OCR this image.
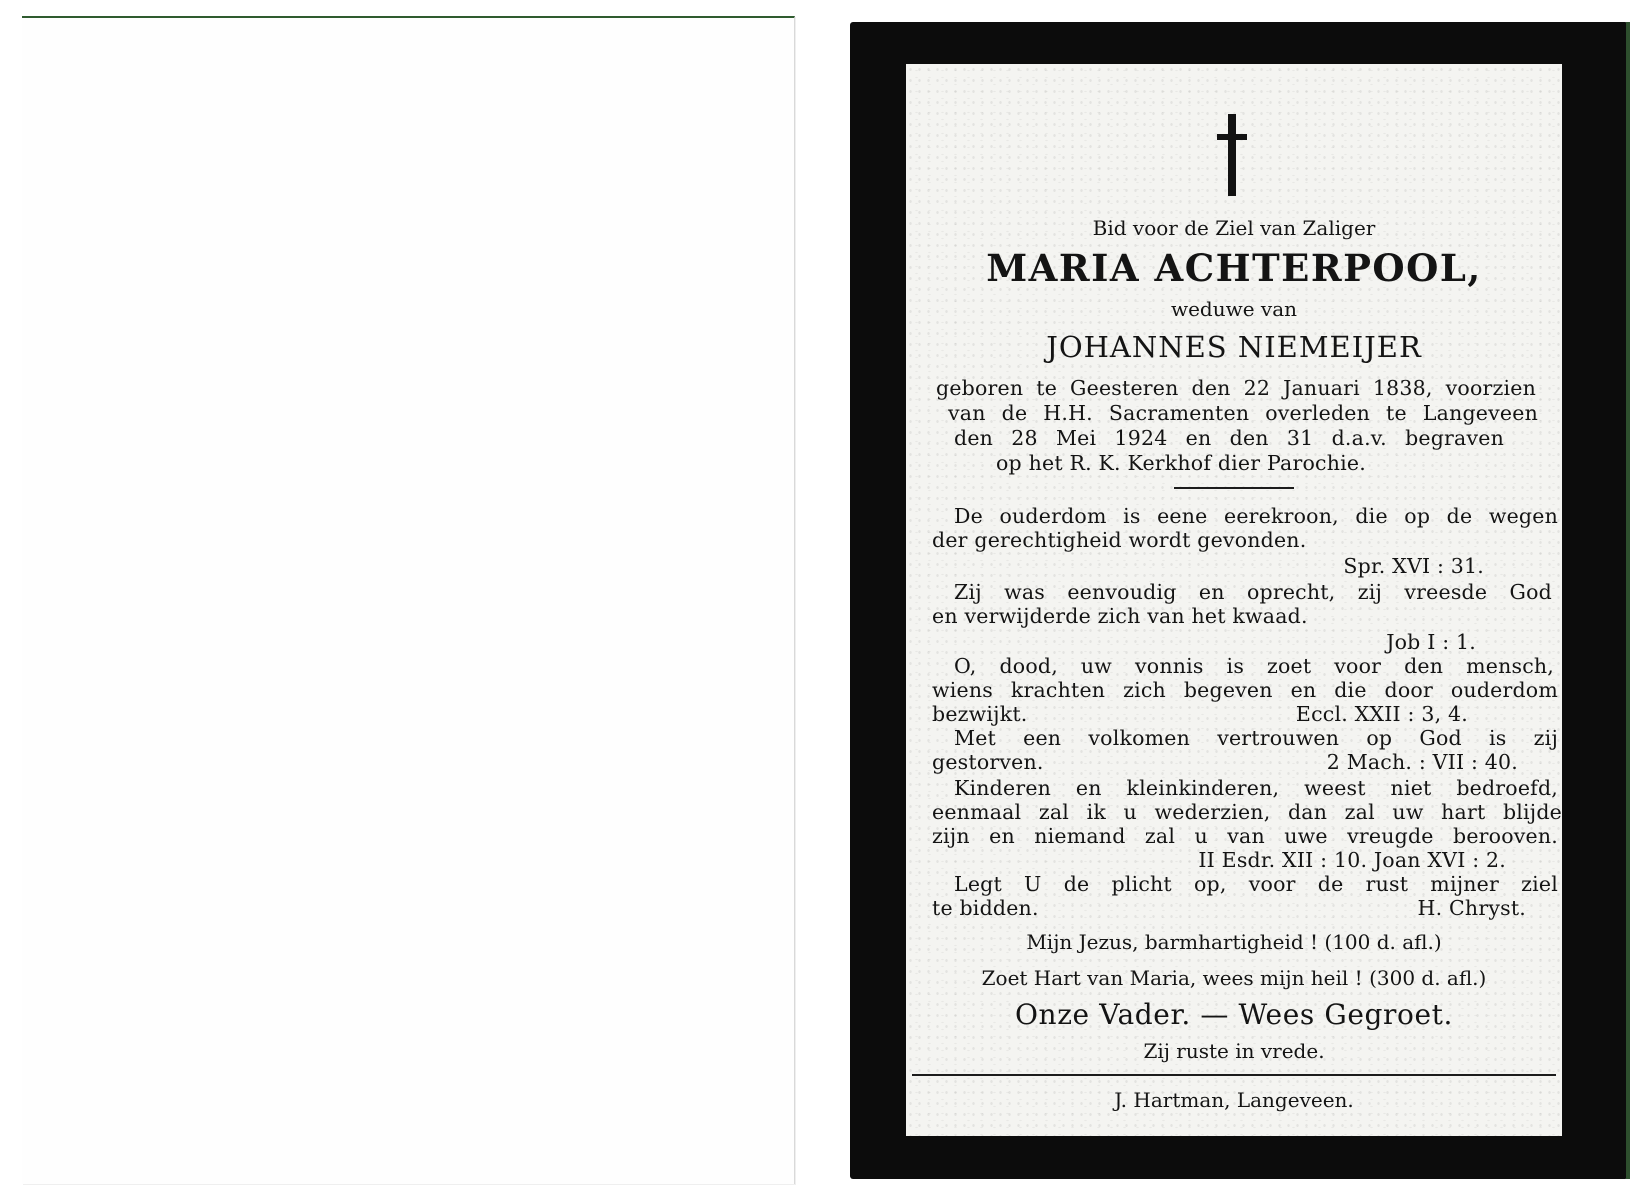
Bid voor de Ziel van Zaliger
MARIA ACHTERPOOL,
weduwe van
JOHANNES NIEMEIJER
geboren te Geesteren den 22 Januari 1838, voorzien
van de H.H. Sacramenten overleden te Langeveen
den 28 Mei 1924 en den 31 d.a.v. begraven
op het R. K. Kerkhof dier Parochie.
De ouderdom is eene eerekroon, die op de wegen
der gerechtigheid wordt gevonden.
Spr. XVI : 31.
Zij was eenvoudig en oprecht, zij vreesde God
en verwijderde zich van het kwaad.
Job I : 1.
O, dood, uw vonnis is zoet voor den mensch,
wiens krachten zich begeven en die door ouderdom
bezwijkt.	Eccl. XXII : 3, 4.
Met een volkomen vertrouwen op God is zij
gestorven.	2 Mach. : VII : 40.
Kinderen en kleinkinderen, weest niet bedroefd,
eenmaal zal ik u wederzien, dan zal uw hart blijde
zijn en niemand zal u van uwe vreugde berooven.
II Esdr. XII : 10. Joan XVI : 2.
Legt U de plicht op, voor de rust mijner ziel
te bidden.	H. Chryst.
Mijn Jezus, barmhartigheid ! (100 d. afl.)
Zoet Hart van Maria, wees mijn heil ! (300 d. afl.)
Onze Vader. — Wees Gegroet.
Zij ruste in vrede.
J. Hartman, Langeveen.
